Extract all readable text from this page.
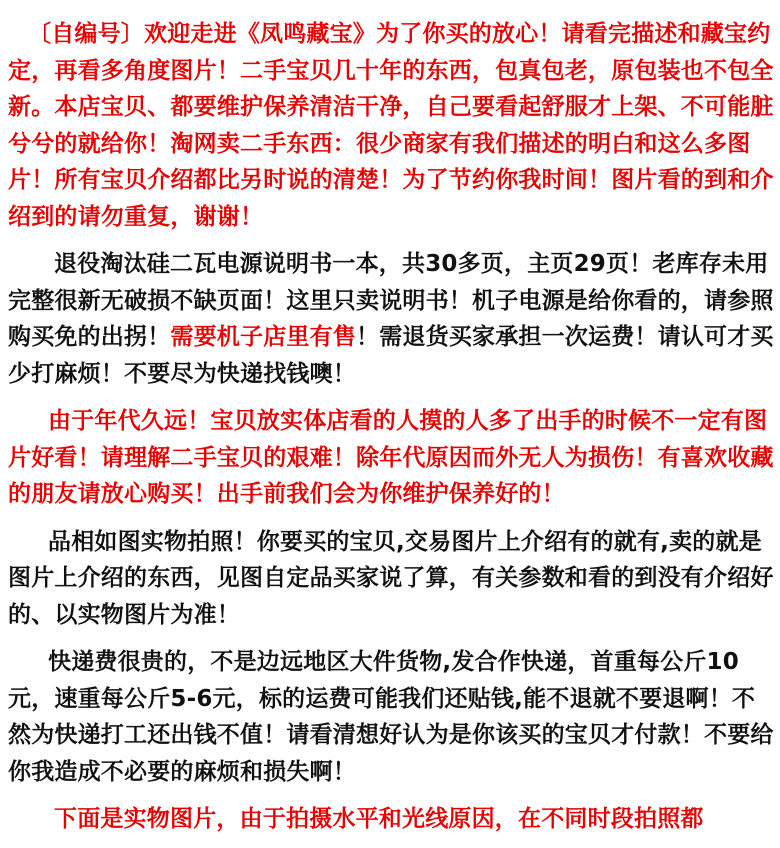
〔自编号〕欢迎走进《凤鸣藏宝》为了你买的放心！请看完描述和藏宝约定，再看多角度图片！二手宝贝几十年的东西，包真包老，原包装也不包全新。本店宝贝、都要维护保养清洁干净，自己要看起舒服才上架、不可能脏兮兮的就给你！淘网卖二手东西：很少商家有我们描述的明白和这么多图片！所有宝贝介绍都比另时说的清楚！为了节约你我时间！图片看的到和介绍到的请勿重复，谢谢！

退役淘汰硅二瓦电源说明书一本，共30多页，主页29页！老库存未用完整很新无破损不缺页面！这里只卖说明书！机子电源是给你看的，请参照购买免的出拐！需要机子店里有售！需退货买家承担一次运费！请认可才买少打麻烦！不要尽为快递找钱噢！

由于年代久远！宝贝放实体店看的人摸的人多了出手的时候不一定有图片好看！请理解二手宝贝的艰难！除年代原因而外无人为损伤！有喜欢收藏的朋友请放心购买！出手前我们会为你维护保养好的！

品相如图实物拍照！你要买的宝贝,交易图片上介绍有的就有,卖的就是图片上介绍的东西，见图自定品买家说了算，有关参数和看的到没有介绍好的、以实物图片为准！

快递费很贵的，不是边远地区大件货物,发合作快递，首重每公斤10元，速重每公斤5-6元，标的运费可能我们还贴钱,能不退就不要退啊！不然为快递打工还出钱不值！请看清想好认为是你该买的宝贝才付款！不要给你我造成不必要的麻烦和损失啊！

下面是实物图片，由于拍摄水平和光线原因，在不同时段拍照都
